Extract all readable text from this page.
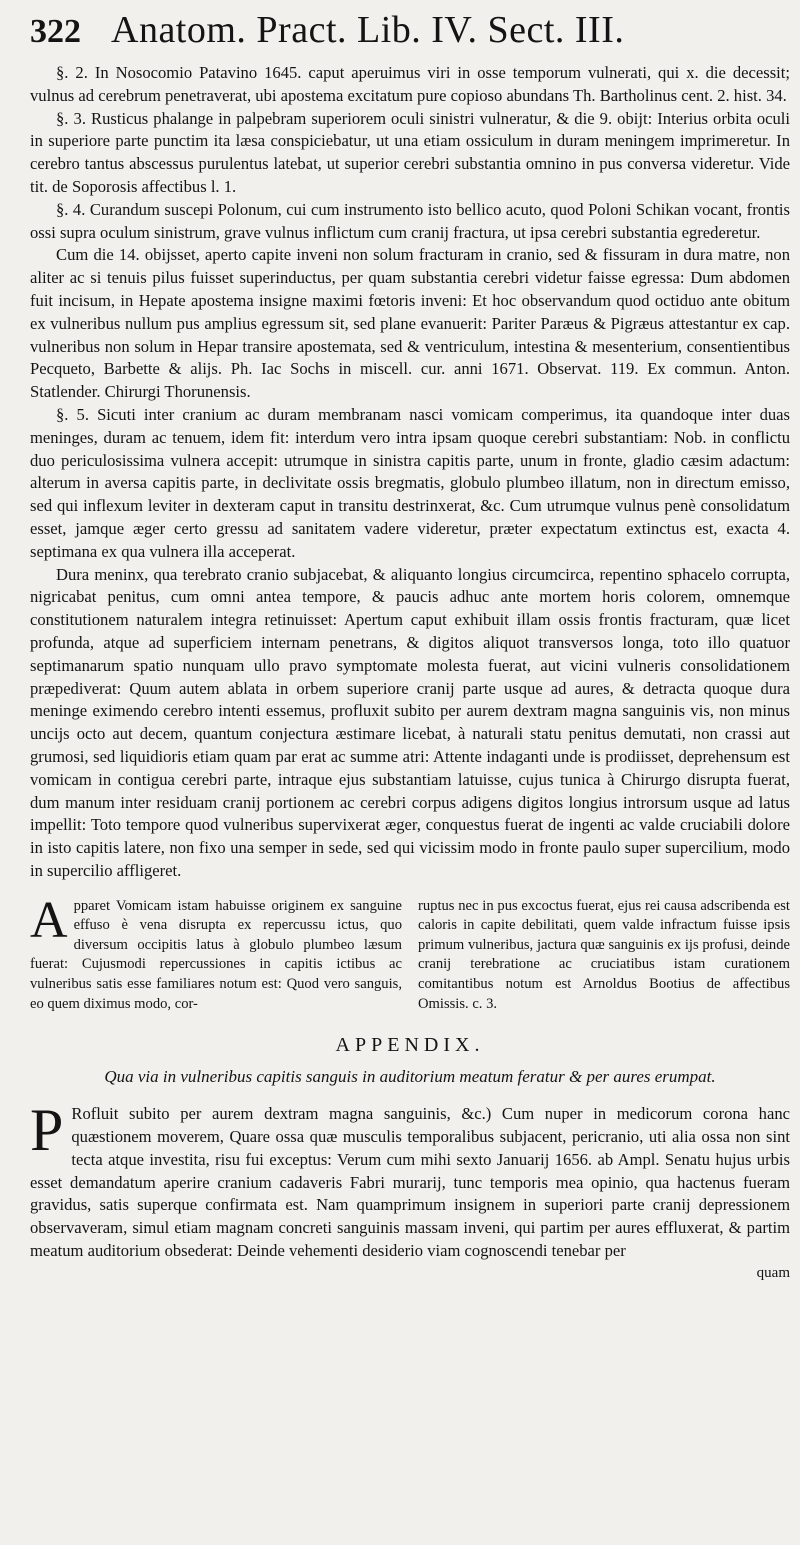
322 Anatom. Pract. Lib. IV. Sect. III.

§. 2. In Nosocomio Patavino 1645. caput aperuimus viri in osse temporum vulnerati, qui x. die decessit; vulnus ad cerebrum penetraverat, ubi apostema excitatum pure copioso abundans Th. Bartholinus cent. 2. hist. 34.

§. 3. Rusticus phalange in palpebram superiorem oculi sinistri vulneratur, & die 9. obijt: Interius orbita oculi in superiore parte punctim ita læsa conspiciebatur, ut una etiam ossiculum in duram meningem imprimeretur. In cerebro tantus abscessus purulentus latebat, ut superior cerebri substantia omnino in pus conversa videretur. Vide tit. de Soporosis affectibus l. 1.

§. 4. Curandum suscepi Polonum, cui cum instrumento isto bellico acuto, quod Poloni Schikan vocant, frontis ossi supra oculum sinistrum, grave vulnus inflictum cum cranij fractura, ut ipsa cerebri substantia egrederetur.

Cum die 14. obijsset, aperto capite inveni non solum fracturam in cranio, sed & fissuram in dura matre, non aliter ac si tenuis pilus fuisset superinductus, per quam substantia cerebri videtur faisse egressa: Dum abdomen fuit incisum, in Hepate apostema insigne maximi fœtoris inveni: Et hoc observandum quod octiduo ante obitum ex vulneribus nullum pus amplius egressum sit, sed plane evanuerit: Pariter Paræus & Pigræus attestantur ex cap. vulneribus non solum in Hepar transire apostemata, sed & ventriculum, intestina & mesenterium, consentientibus Pecqueto, Barbette & alijs. Ph. Iac Sochs in miscell. cur. anni 1671. Observat. 119. Ex commun. Anton. Statlender. Chirurgi Thorunensis.

§. 5. Sicuti inter cranium ac duram membranam nasci vomicam comperimus, ita quandoque inter duas meninges, duram ac tenuem, idem fit: interdum vero intra ipsam quoque cerebri substantiam: Nob. in conflictu duo periculosissima vulnera accepit: utrumque in sinistra capitis parte, unum in fronte, gladio cæsim adactum: alterum in aversa capitis parte, in declivitate ossis bregmatis, globulo plumbeo illatum, non in directum emisso, sed qui inflexum leviter in dexteram caput in transitu destrinxerat, &c. Cum utrumque vulnus penè consolidatum esset, jamque æger certo gressu ad sanitatem vadere videretur, præter expectatum extinctus est, exacta 4. septimana ex qua vulnera illa acceperat.

Dura meninx, qua terebrato cranio subjacebat, & aliquanto longius circumcirca, repentino sphacelo corrupta, nigricabat penitus, cum omni antea tempore, & paucis adhuc ante mortem horis colorem, omnemque constitutionem naturalem integra retinuisset: Apertum caput exhibuit illam ossis frontis fracturam, quæ licet profunda, atque ad superficiem internam penetrans, & digitos aliquot transversos longa, toto illo quatuor septimanarum spatio nunquam ullo pravo symptomate molesta fuerat, aut vicini vulneris consolidationem præpediverat: Quum autem ablata in orbem superiore cranij parte usque ad aures, & detracta quoque dura meninge eximendo cerebro intenti essemus, profluxit subito per aurem dextram magna sanguinis vis, non minus uncijs octo aut decem, quantum conjectura æstimare licebat, à naturali statu penitus demutati, non crassi aut grumosi, sed liquidioris etiam quam par erat ac summe atri: Attente indaganti unde is prodiisset, deprehensum est vomicam in contigua cerebri parte, intraque ejus substantiam latuisse, cujus tunica à Chirurgo disrupta fuerat, dum manum inter residuam cranij portionem ac cerebri corpus adigens digitos longius introrsum usque ad latus impellit: Toto tempore quod vulneribus supervixerat æger, conquestus fuerat de ingenti ac valde cruciabili dolore in isto capitis latere, non fixo una semper in sede, sed qui vicissim modo in fronte paulo super supercilium, modo in supercilio affligeret.

Apparet Vomicam istam habuisse originem ex sanguine effuso è vena disrupta ex repercussu ictus, quo diversum occipitis latus à globulo plumbeo læsum fuerat: Cujusmodi repercussiones in capitis ictibus ac vulneribus satis esse familiares notum est: Quod vero sanguis, eo quem diximus modo, cor-
ruptus nec in pus excoctus fuerat, ejus rei causa adscribenda est caloris in capite debilitati, quem valde infractum fuisse ipsis primum vulneribus, jactura quæ sanguinis ex ijs profusi, deinde cranij terebratione ac cruciatibus istam curationem comitantibus notum est Arnoldus Bootius de affectibus Omissis. c. 3.
APPENDIX.
Qua via in vulneribus capitis sanguis in auditorium meatum feratur & per aures erumpat.
P Rofluit subito per aurem dextram magna sanguinis, &c.) Cum nuper in medicorum corona hanc quæstionem moverem, Quare ossa quæ musculis temporalibus subjacent, pericranio, uti alia ossa non sint tecta atque investita, risu fui exceptus: Verum cum mihi sexto Januarij 1656. ab Ampl. Senatu hujus urbis esset demandatum aperire cranium cadaveris Fabri murarij, tunc temporis mea opinio, qua hactenus fueram gravidus, satis superque confirmata est. Nam quamprimum insignem in superiori parte cranij depressionem observaveram, simul etiam magnam concreti sanguinis massam inveni, qui partim per aures effluxerat, & partim meatum auditorium obsederat: Deinde vehementi desiderio viam cognoscendi tenebar per
quam
